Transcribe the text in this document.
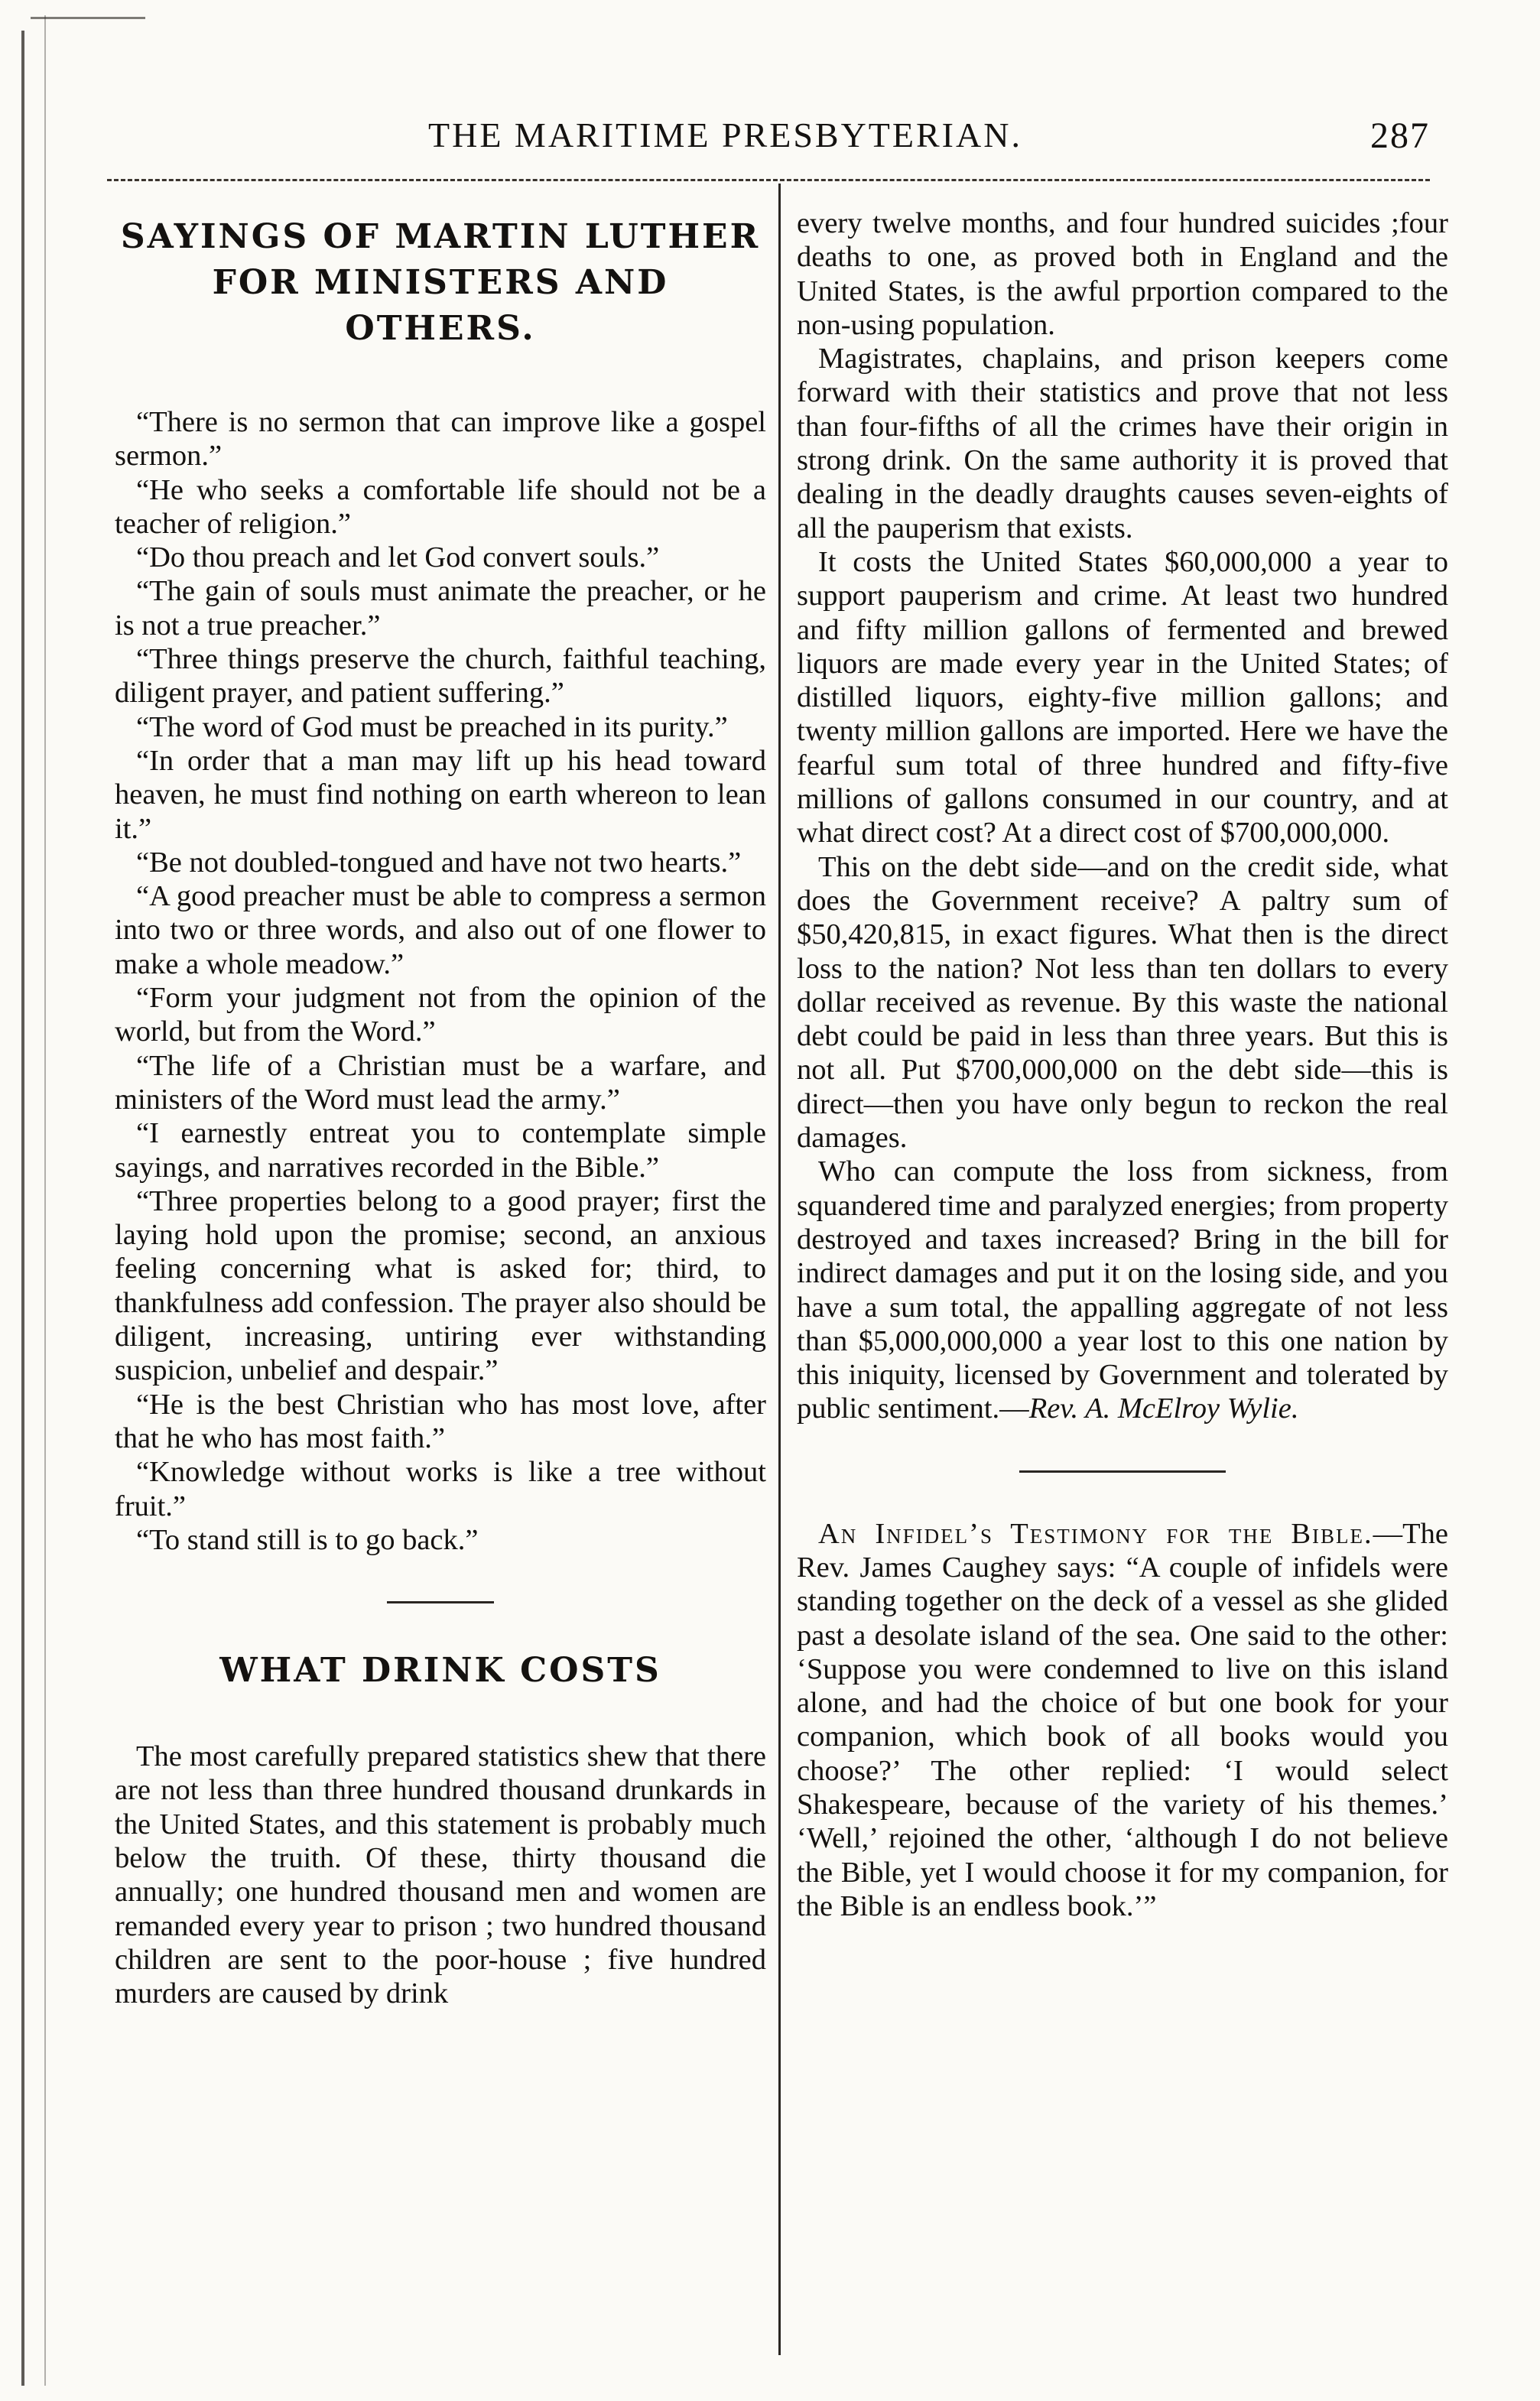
THE MARITIME PRESBYTERIAN.	287
SAYINGS OF MARTIN LUTHER FOR MINISTERS AND OTHERS.

“There is no sermon that can improve like a gospel sermon.”

“He who seeks a comfortable life should not be a teacher of religion.”

“Do thou preach and let God convert souls.”

“The gain of souls must animate the preacher, or he is not a true preacher.”

“Three things preserve the church, faithful teaching, diligent prayer, and patient suffering.”

“The word of God must be preached in its purity.”

“In order that a man may lift up his head toward heaven, he must find nothing on earth whereon to lean it.”

“Be not doubled-tongued and have not two hearts.”

“A good preacher must be able to compress a sermon into two or three words, and also out of one flower to make a whole meadow.”

“Form your judgment not from the opinion of the world, but from the Word.”

“The life of a Christian must be a warfare, and ministers of the Word must lead the army.”

“I earnestly entreat you to contemplate simple sayings, and narratives recorded in the Bible.”

“Three properties belong to a good prayer; first the laying hold upon the promise; second, an anxious feeling concerning what is asked for; third, to thankfulness add confession. The prayer also should be diligent, increasing, untiring ever withstanding suspicion, unbelief and despair.”

“He is the best Christian who has most love, after that he who has most faith.”

“Knowledge without works is like a tree without fruit.”

“To stand still is to go back.”

WHAT DRINK COSTS

The most carefully prepared statistics shew that there are not less than three hundred thousand drunkards in the United States, and this statement is probably much below the truith. Of these, thirty thousand die annually; one hundred thousand men and women are remanded every year to prison ; two hundred thousand children are sent to the poor-house ; five hundred murders are caused by drink

every twelve months, and four hundred suicides ;four deaths to one, as proved both in England and the United States, is the awful prportion compared to the non-using population.

Magistrates, chaplains, and prison keepers come forward with their statistics and prove that not less than four-fifths of all the crimes have their origin in strong drink. On the same authority it is proved that dealing in the deadly draughts causes seven-eights of all the pauperism that exists.

It costs the United States $60,000,000 a year to support pauperism and crime. At least two hundred and fifty million gallons of fermented and brewed liquors are made every year in the United States; of distilled liquors, eighty-five million gallons; and twenty million gallons are imported. Here we have the fearful sum total of three hundred and fifty-five millions of gallons consumed in our country, and at what direct cost? At a direct cost of $700,000,000.

This on the debt side—and on the credit side, what does the Government receive? A paltry sum of $50,420,815, in exact figures. What then is the direct loss to the nation? Not less than ten dollars to every dollar received as revenue. By this waste the national debt could be paid in less than three years. But this is not all. Put $700,000,000 on the debt side—this is direct—then you have only begun to reckon the real damages.

Who can compute the loss from sickness, from squandered time and paralyzed energies; from property destroyed and taxes increased? Bring in the bill for indirect damages and put it on the losing side, and you have a sum total, the appalling aggregate of not less than $5,000,000,000 a year lost to this one nation by this iniquity, licensed by Government and tolerated by public sentiment.—Rev. A. McElroy Wylie.

An Infidel’s Testimony for the Bible.—The Rev. James Caughey says: “A couple of infidels were standing together on the deck of a vessel as she glided past a desolate island of the sea. One said to the other: ‘Suppose you were condemned to live on this island alone, and had the choice of but one book for your companion, which book of all books would you choose?’ The other replied: ‘I would select Shakespeare, because of the variety of his themes.’ ‘Well,’ rejoined the other, ‘although I do not believe the Bible, yet I would choose it for my companion, for the Bible is an endless book.’”
